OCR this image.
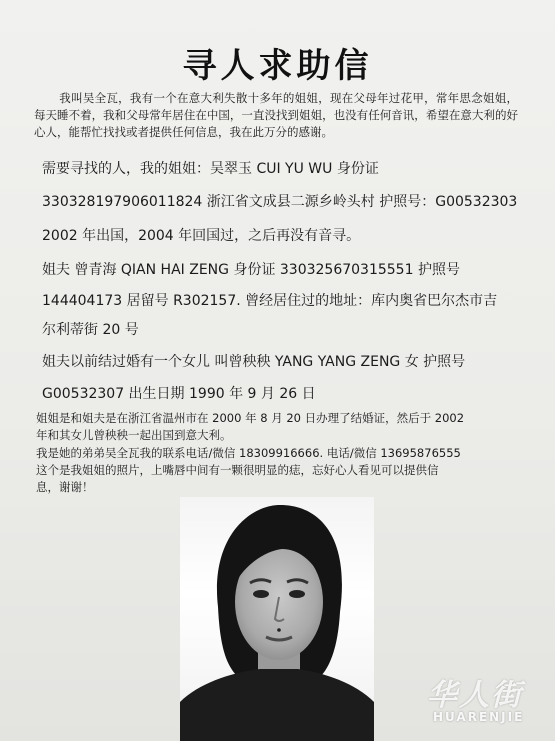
寻人求助信
我叫吴全瓦，我有一个在意大利失散十多年的姐姐，现在父母年过花甲，常年思念姐姐，每天睡不着，我和父母常年居住在中国，一直没找到姐姐，也没有任何音讯，希望在意大利的好心人，能帮忙找找或者提供任何信息，我在此万分的感谢。
需要寻找的人，我的姐姐：吴翠玉 CUI YU WU 身份证
330328197906011824 浙江省文成县二源乡岭头村 护照号：G00532303
2002 年出国，2004 年回国过，之后再没有音寻。
姐夫 曾青海 QIAN HAI ZENG 身份证 330325670315551 护照号
144404173 居留号 R302157. 曾经居住过的地址：库内奥省巴尔杰市吉
尔利蒂街 20 号
姐夫以前结过婚有一个女儿 叫曾秧秧 YANG YANG ZENG 女 护照号
G00532307 出生日期 1990 年 9 月 26 日
姐姐是和姐夫是在浙江省温州市在 2000 年 8 月 20 日办理了结婚证，然后于 2002
年和其女儿曾秧秧一起出国到意大利。
我是她的弟弟吴全瓦我的联系电话/微信 18309916666. 电话/微信 13695876555
这个是我姐姐的照片，上嘴唇中间有一颗很明显的痣，忘好心人看见可以提供信
息，谢谢！
华人街
HUARENJIE
